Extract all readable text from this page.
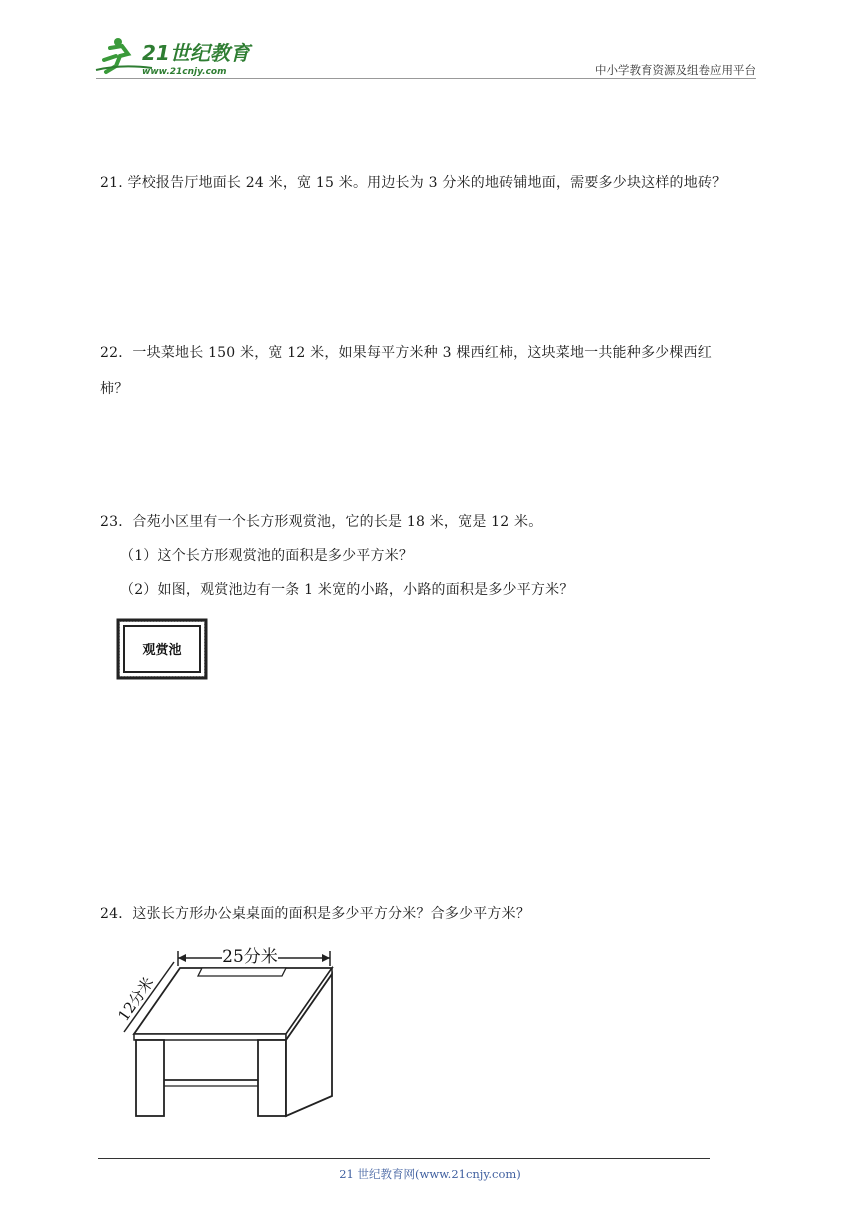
21世纪教育
www.21cnjy.com	中小学教育资源及组卷应用平台
21. 学校报告厅地面长 24 米，宽 15 米。用边长为 3 分米的地砖铺地面，需要多少块这样的地砖？
22．一块菜地长 150 米，宽 12 米，如果每平方米种 3 棵西红柿，这块菜地一共能种多少棵西红
柿？
23．合苑小区里有一个长方形观赏池，它的长是 18 米，宽是 12 米。
（1）这个长方形观赏池的面积是多少平方米？
（2）如图，观赏池边有一条 1 米宽的小路，小路的面积是多少平方米？
观赏池
24．这张长方形办公桌桌面的面积是多少平方分米？合多少平方米？
25分米
12分米
21 世纪教育网(www.21cnjy.com)
